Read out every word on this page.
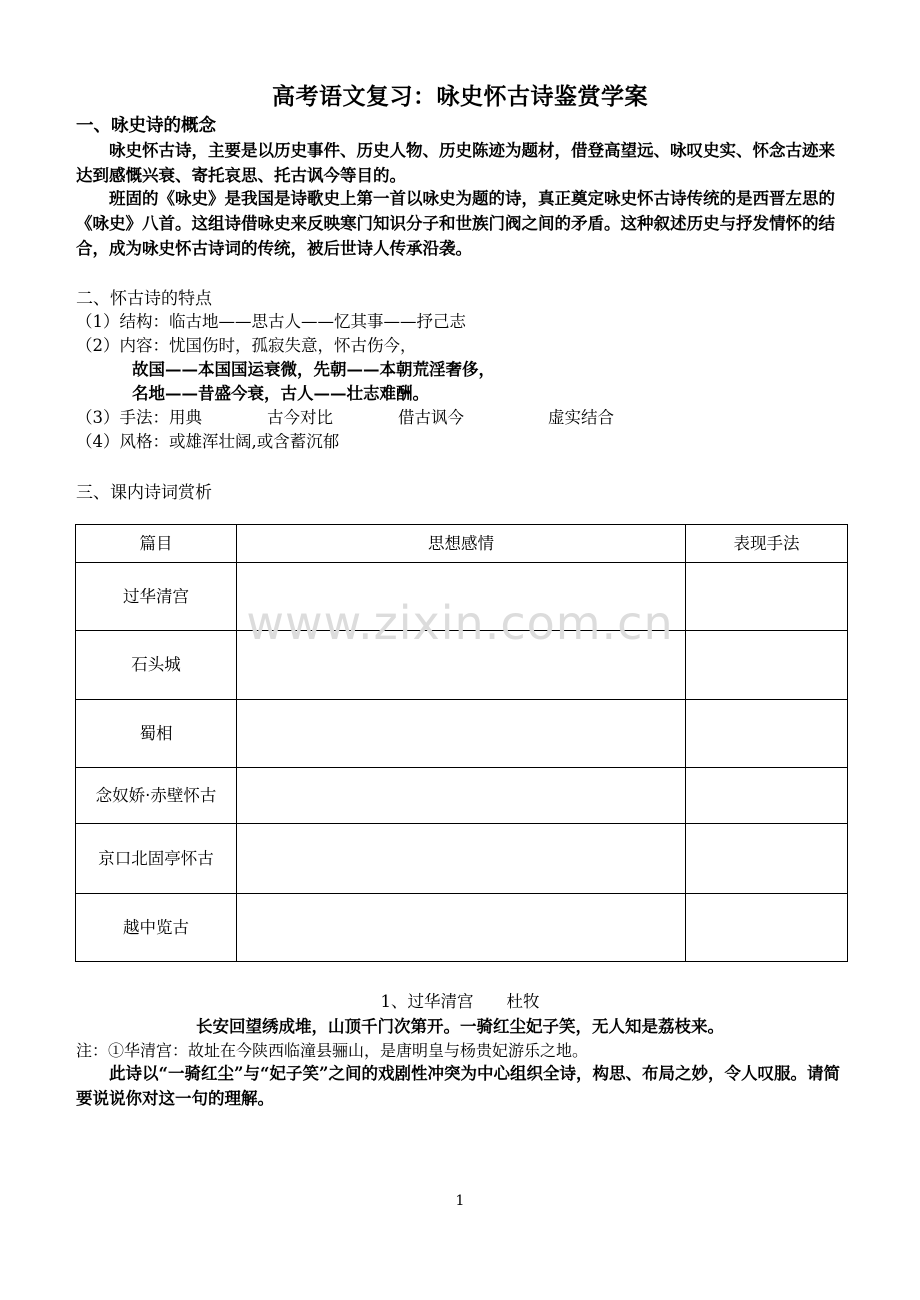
高考语文复习：咏史怀古诗鉴赏学案
一、咏史诗的概念
咏史怀古诗，主要是以历史事件、历史人物、历史陈迹为题材，借登高望远、咏叹史实、怀念古迹来达到感慨兴衰、寄托哀思、托古讽今等目的。
班固的《咏史》是我国是诗歌史上第一首以咏史为题的诗，真正奠定咏史怀古诗传统的是西晋左思的《咏史》八首。这组诗借咏史来反映寒门知识分子和世族门阀之间的矛盾。这种叙述历史与抒发情怀的结合，成为咏史怀古诗词的传统，被后世诗人传承沿袭。
二、怀古诗的特点
（1）结构：临古地——思古人——忆其事——抒己志
（2）内容：忧国伤时，孤寂失意，怀古伤今，
故国——本国国运衰微，先朝——本朝荒淫奢侈，
名地——昔盛今衰，古人——壮志难酬。
（3）手法：用典	古今对比	借古讽今	虚实结合
（4）风格：或雄浑壮阔,或含蓄沉郁
三、课内诗词赏析
篇目	思想感情	表现手法
过华清宫		
石头城		
蜀相		
念奴娇·赤壁怀古		
京口北固亭怀古		
越中览古		
www.zixin.com.cn
1、过华清宫　　杜牧
长安回望绣成堆，山顶千门次第开。一骑红尘妃子笑，无人知是荔枝来。
注：①华清宫：故址在今陕西临潼县骊山，是唐明皇与杨贵妃游乐之地。
此诗以“一骑红尘”与“妃子笑”之间的戏剧性冲突为中心组织全诗，构思、布局之妙，令人叹服。请简要说说你对这一句的理解。
1
